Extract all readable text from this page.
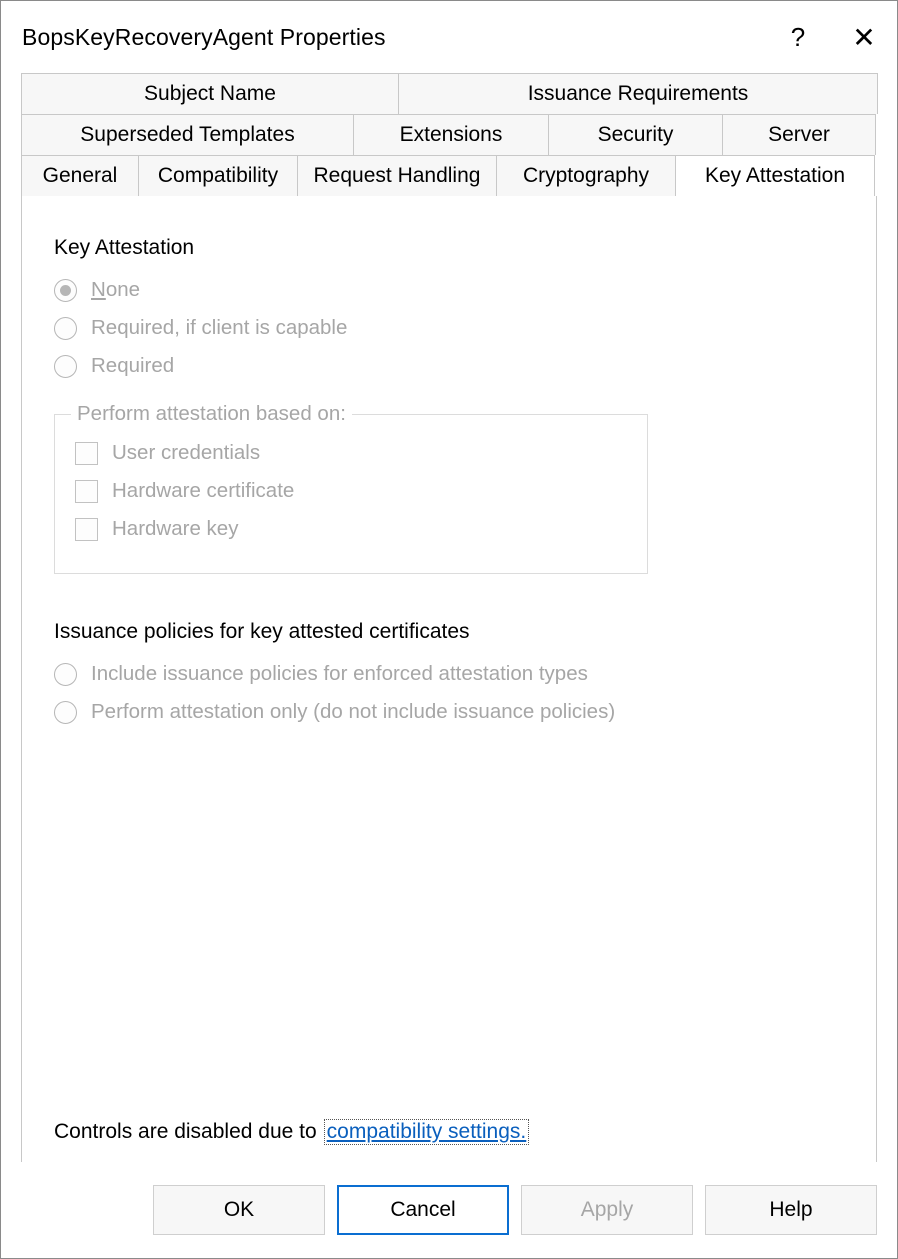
BopsKeyRecoveryAgent Properties	?	✕
Subject Name	Issuance Requirements
Superseded Templates	Extensions	Security	Server
General	Compatibility	Request Handling	Cryptography	Key Attestation
Key Attestation
None
Required, if client is capable
Required
Perform attestation based on:
User credentials
Hardware certificate
Hardware key
Issuance policies for key attested certificates
Include issuance policies for enforced attestation types
Perform attestation only (do not include issuance policies)
Controls are disabled due to compatibility settings.
OK	Cancel	Apply	Help
